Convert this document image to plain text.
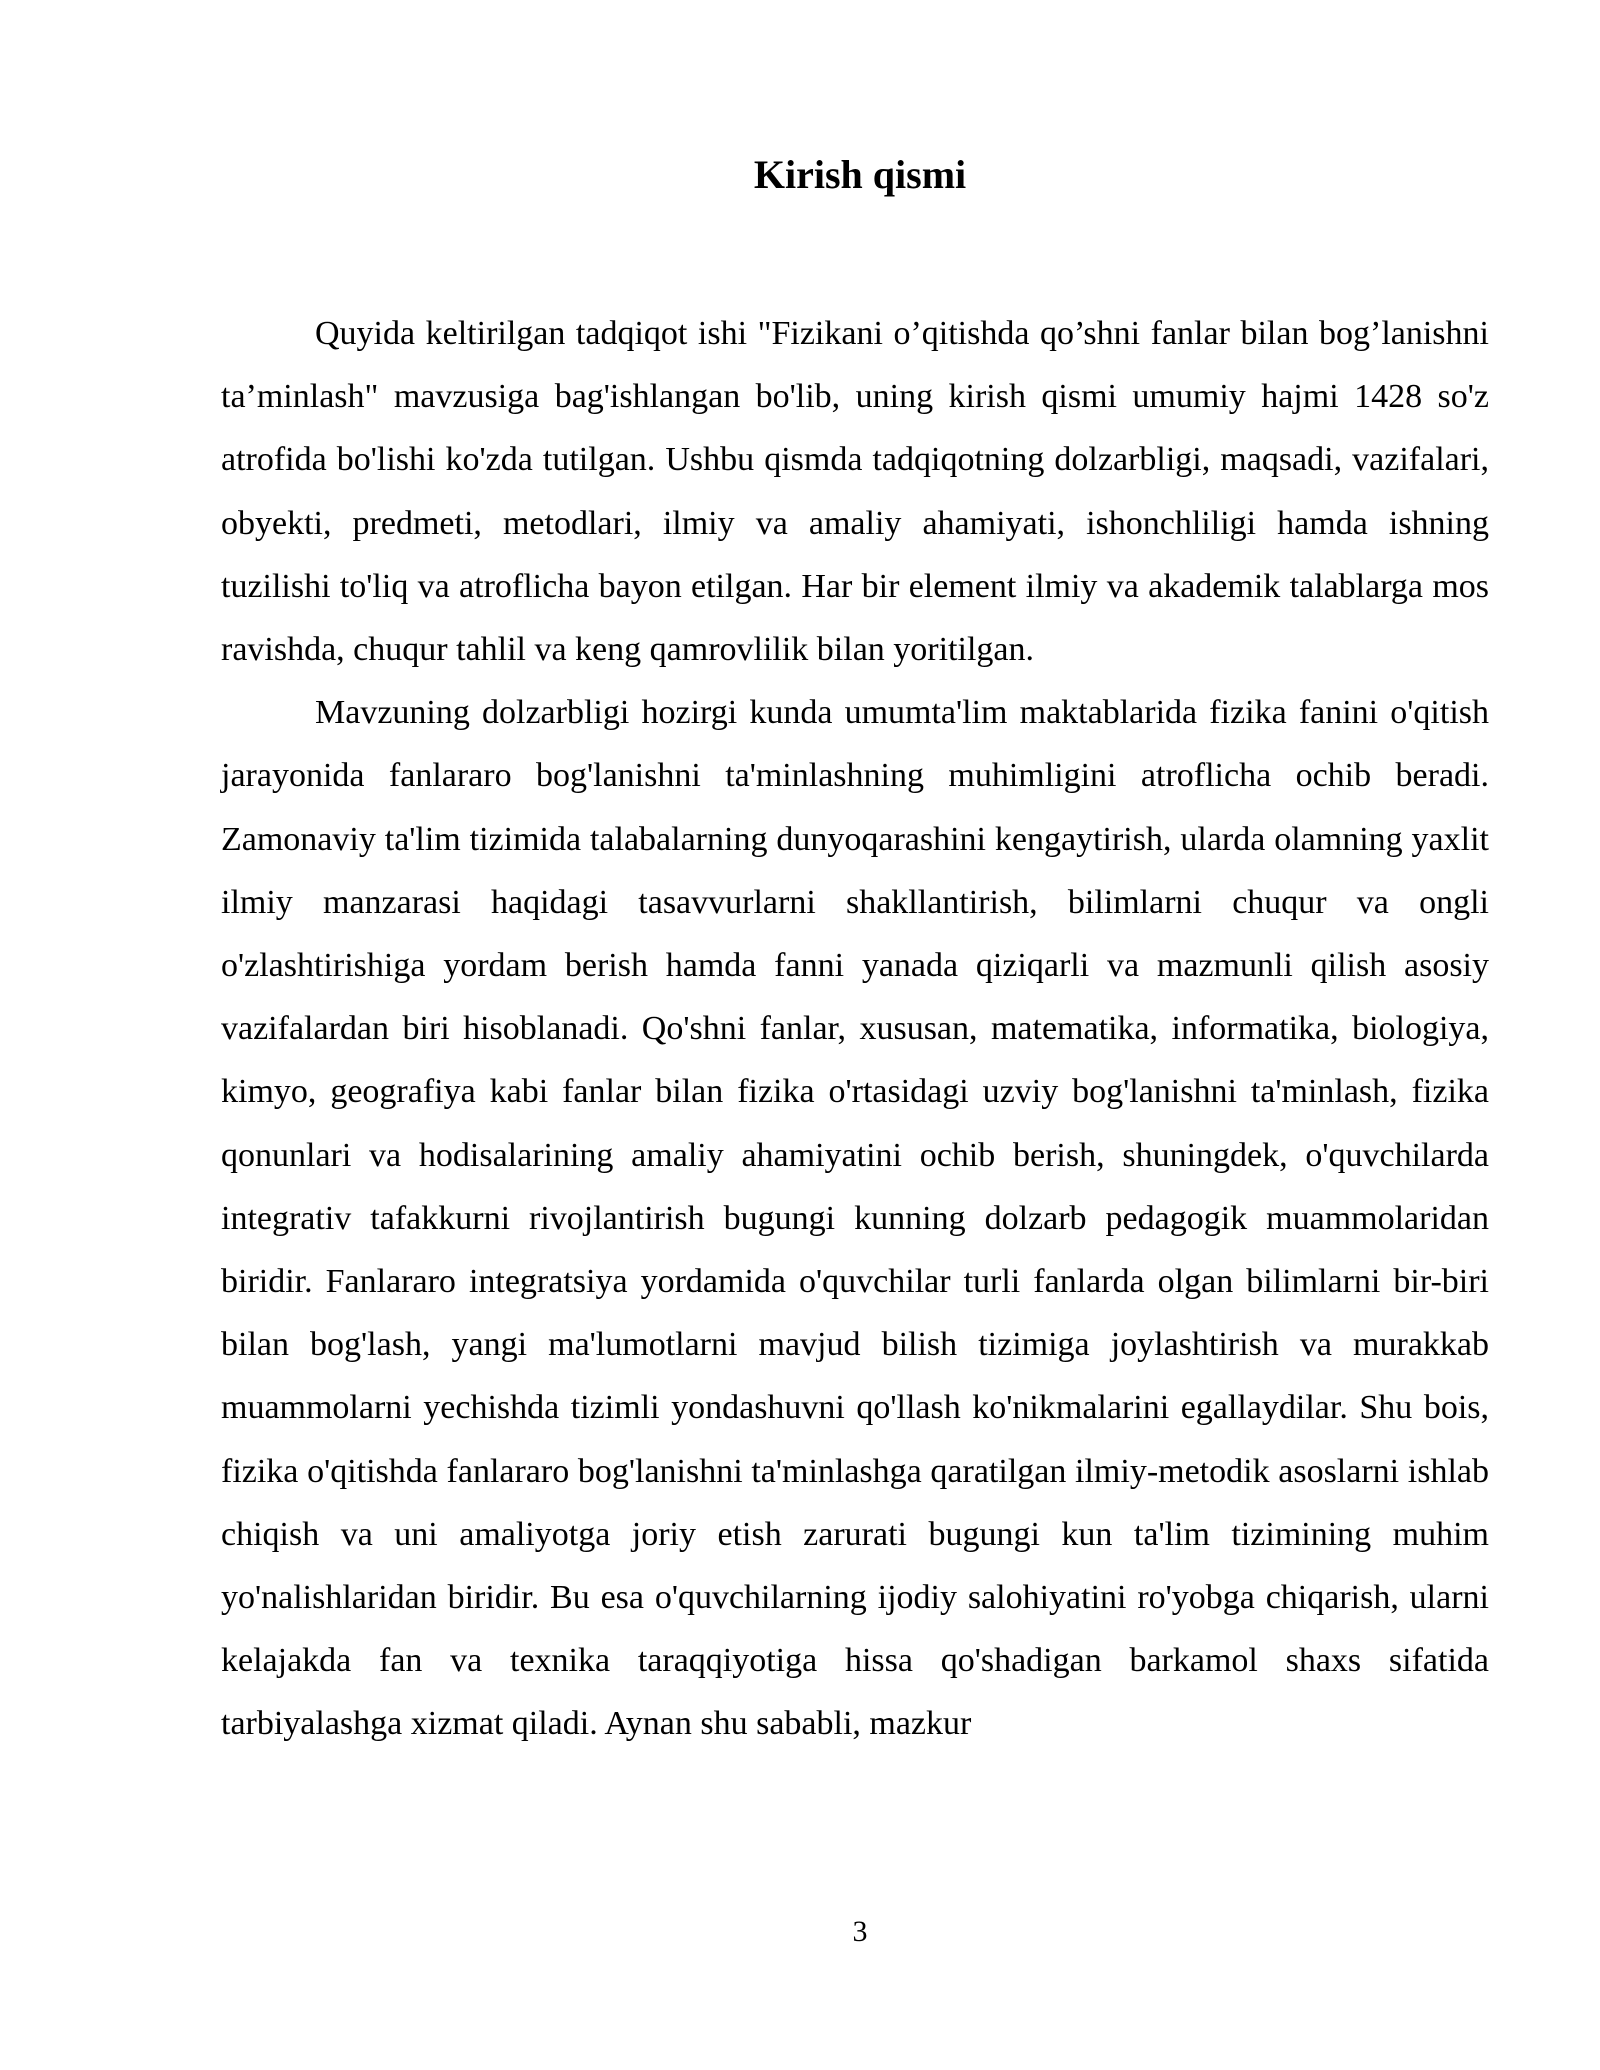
Kirish qismi

Quyida keltirilgan tadqiqot ishi "Fizikani o’qitishda qo’shni fanlar bilan bog’lanishni ta’minlash" mavzusiga bag'ishlangan bo'lib, uning kirish qismi umumiy hajmi 1428 so'z atrofida bo'lishi ko'zda tutilgan. Ushbu qismda tadqiqotning dolzarbligi, maqsadi, vazifalari, obyekti, predmeti, metodlari, ilmiy va amaliy ahamiyati, ishonchliligi hamda ishning tuzilishi to'liq va atroflicha bayon etilgan. Har bir element ilmiy va akademik talablarga mos ravishda, chuqur tahlil va keng qamrovlilik bilan yoritilgan.

Mavzuning dolzarbligi hozirgi kunda umumta'lim maktablarida fizika fanini o'qitish jarayonida fanlararo bog'lanishni ta'minlashning muhimligini atroflicha ochib beradi. Zamonaviy ta'lim tizimida talabalarning dunyoqarashini kengaytirish, ularda olamning yaxlit ilmiy manzarasi haqidagi tasavvurlarni shakllantirish, bilimlarni chuqur va ongli o'zlashtirishiga yordam berish hamda fanni yanada qiziqarli va mazmunli qilish asosiy vazifalardan biri hisoblanadi. Qo'shni fanlar, xususan, matematika, informatika, biologiya, kimyo, geografiya kabi fanlar bilan fizika o'rtasidagi uzviy bog'lanishni ta'minlash, fizika qonunlari va hodisalarining amaliy ahamiyatini ochib berish, shuningdek, o'quvchilarda integrativ tafakkurni rivojlantirish bugungi kunning dolzarb pedagogik muammolaridan biridir. Fanlararo integratsiya yordamida o'quvchilar turli fanlarda olgan bilimlarni bir-biri bilan bog'lash, yangi ma'lumotlarni mavjud bilish tizimiga joylashtirish va murakkab muammolarni yechishda tizimli yondashuvni qo'llash ko'nikmalarini egallaydilar. Shu bois, fizika o'qitishda fanlararo bog'lanishni ta'minlashga qaratilgan ilmiy-metodik asoslarni ishlab chiqish va uni amaliyotga joriy etish zarurati bugungi kun ta'lim tizimining muhim yo'nalishlaridan biridir. Bu esa o'quvchilarning ijodiy salohiyatini ro'yobga chiqarish, ularni kelajakda fan va texnika taraqqiyotiga hissa qo'shadigan barkamol shaxs sifatida tarbiyalashga xizmat qiladi. Aynan shu sababli, mazkur

3
